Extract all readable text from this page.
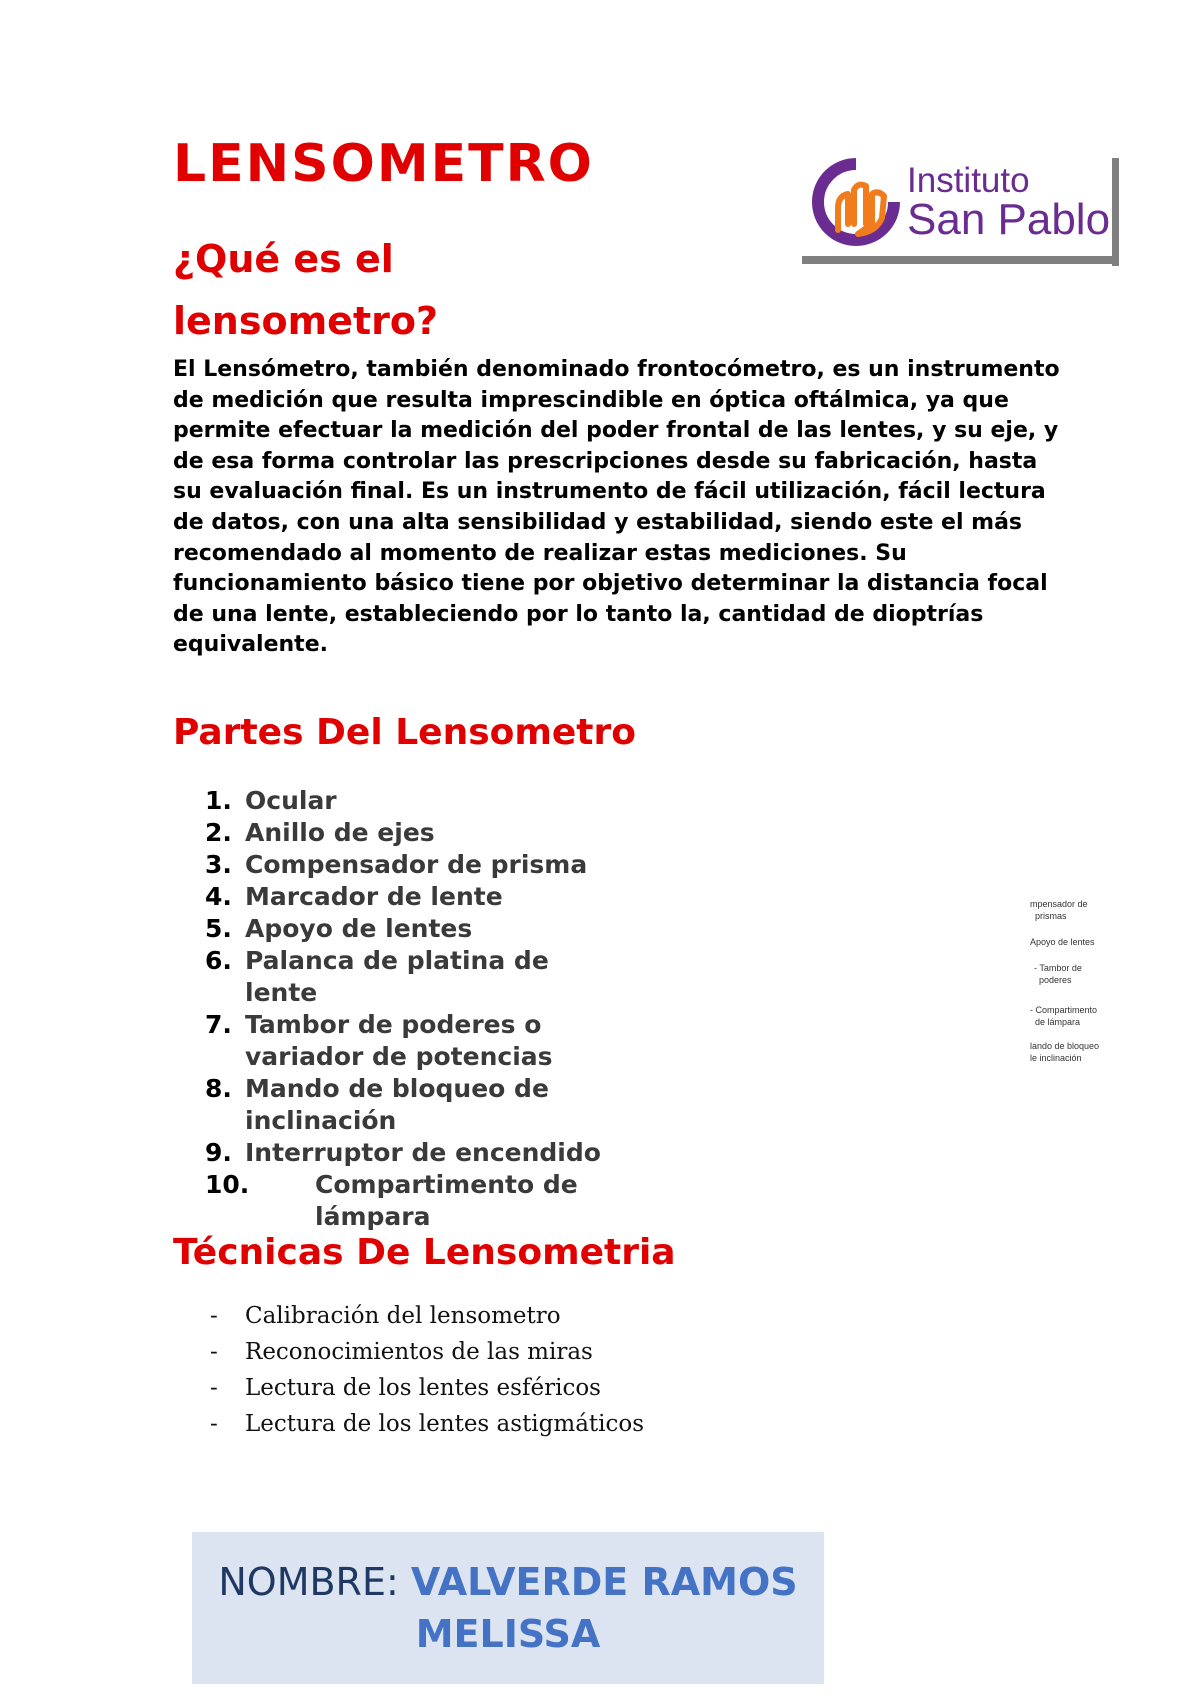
LENSOMETRO
¿Qué es el lensometro?
Instituto
San Pablo

El Lensómetro, también denominado frontocómetro, es un instrumento de medición que resulta imprescindible en óptica oftálmica, ya que permite efectuar la medición del poder frontal de las lentes, y su eje, y de esa forma controlar las prescripciones desde su fabricación, hasta su evaluación final. Es un instrumento de fácil utilización, fácil lectura de datos, con una alta sensibilidad y estabilidad, siendo este el más recomendado al momento de realizar estas mediciones. Su funcionamiento básico tiene por objetivo determinar la distancia focal de una lente, estableciendo por lo tanto la, cantidad de dioptrías equivalente.

Partes Del Lensometro
1. Ocular
2. Anillo de ejes
3. Compensador de prisma
4. Marcador de lente
5. Apoyo de lentes
6. Palanca de platina de lente
7. Tambor de poderes o variador de potencias
8. Mando de bloqueo de inclinación
9. Interruptor de encendido
10.	Compartimento de lámpara
mpensador de
prismas
Apoyo de lentes
- Tambor de
poderes
- Compartimento
de lámpara
lando de bloqueo
le inclinación
Técnicas De Lensometria
-	Calibración del lensometro
-	Reconocimientos de las miras
-	Lectura de los lentes esféricos
-	Lectura de los lentes astigmáticos
NOMBRE: VALVERDE RAMOS MELISSA
